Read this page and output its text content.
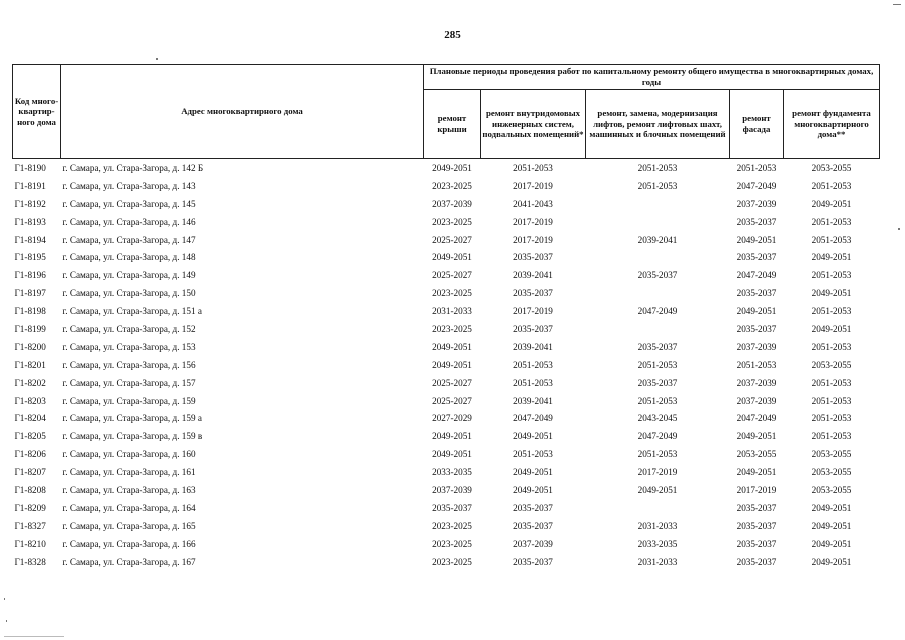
285
Код много-квартир-ного дома	Адрес многоквартирного дома	Плановые периоды проведения работ по капитальному ремонту общего имущества в многоквартирных домах, годы				
		ремонт крыши	ремонт внутридомовых инженерных систем, подвальных помещений*	ремонт, замена, модернизация лифтов, ремонт лифтовых шахт, машинных и блочных помещений	ремонт фасада	ремонт фундамента многоквартирного дома**
Г1-8190	г. Самара, ул. Стара-Загора, д. 142 Б	2049-2051	2051-2053	2051-2053	2051-2053	2053-2055
Г1-8191	г. Самара, ул. Стара-Загора, д. 143	2023-2025	2017-2019	2051-2053	2047-2049	2051-2053
Г1-8192	г. Самара, ул. Стара-Загора, д. 145	2037-2039	2041-2043		2037-2039	2049-2051
Г1-8193	г. Самара, ул. Стара-Загора, д. 146	2023-2025	2017-2019		2035-2037	2051-2053
Г1-8194	г. Самара, ул. Стара-Загора, д. 147	2025-2027	2017-2019	2039-2041	2049-2051	2051-2053
Г1-8195	г. Самара, ул. Стара-Загора, д. 148	2049-2051	2035-2037		2035-2037	2049-2051
Г1-8196	г. Самара, ул. Стара-Загора, д. 149	2025-2027	2039-2041	2035-2037	2047-2049	2051-2053
Г1-8197	г. Самара, ул. Стара-Загора, д. 150	2023-2025	2035-2037		2035-2037	2049-2051
Г1-8198	г. Самара, ул. Стара-Загора, д. 151 а	2031-2033	2017-2019	2047-2049	2049-2051	2051-2053
Г1-8199	г. Самара, ул. Стара-Загора, д. 152	2023-2025	2035-2037		2035-2037	2049-2051
Г1-8200	г. Самара, ул. Стара-Загора, д. 153	2049-2051	2039-2041	2035-2037	2037-2039	2051-2053
Г1-8201	г. Самара, ул. Стара-Загора, д. 156	2049-2051	2051-2053	2051-2053	2051-2053	2053-2055
Г1-8202	г. Самара, ул. Стара-Загора, д. 157	2025-2027	2051-2053	2035-2037	2037-2039	2051-2053
Г1-8203	г. Самара, ул. Стара-Загора, д. 159	2025-2027	2039-2041	2051-2053	2037-2039	2051-2053
Г1-8204	г. Самара, ул. Стара-Загора, д. 159 а	2027-2029	2047-2049	2043-2045	2047-2049	2051-2053
Г1-8205	г. Самара, ул. Стара-Загора, д. 159 в	2049-2051	2049-2051	2047-2049	2049-2051	2051-2053
Г1-8206	г. Самара, ул. Стара-Загора, д. 160	2049-2051	2051-2053	2051-2053	2053-2055	2053-2055
Г1-8207	г. Самара, ул. Стара-Загора, д. 161	2033-2035	2049-2051	2017-2019	2049-2051	2053-2055
Г1-8208	г. Самара, ул. Стара-Загора, д. 163	2037-2039	2049-2051	2049-2051	2017-2019	2053-2055
Г1-8209	г. Самара, ул. Стара-Загора, д. 164	2035-2037	2035-2037		2035-2037	2049-2051
Г1-8327	г. Самара, ул. Стара-Загора, д. 165	2023-2025	2035-2037	2031-2033	2035-2037	2049-2051
Г1-8210	г. Самара, ул. Стара-Загора, д. 166	2023-2025	2037-2039	2033-2035	2035-2037	2049-2051
Г1-8328	г. Самара, ул. Стара-Загора, д. 167	2023-2025	2035-2037	2031-2033	2035-2037	2049-2051
